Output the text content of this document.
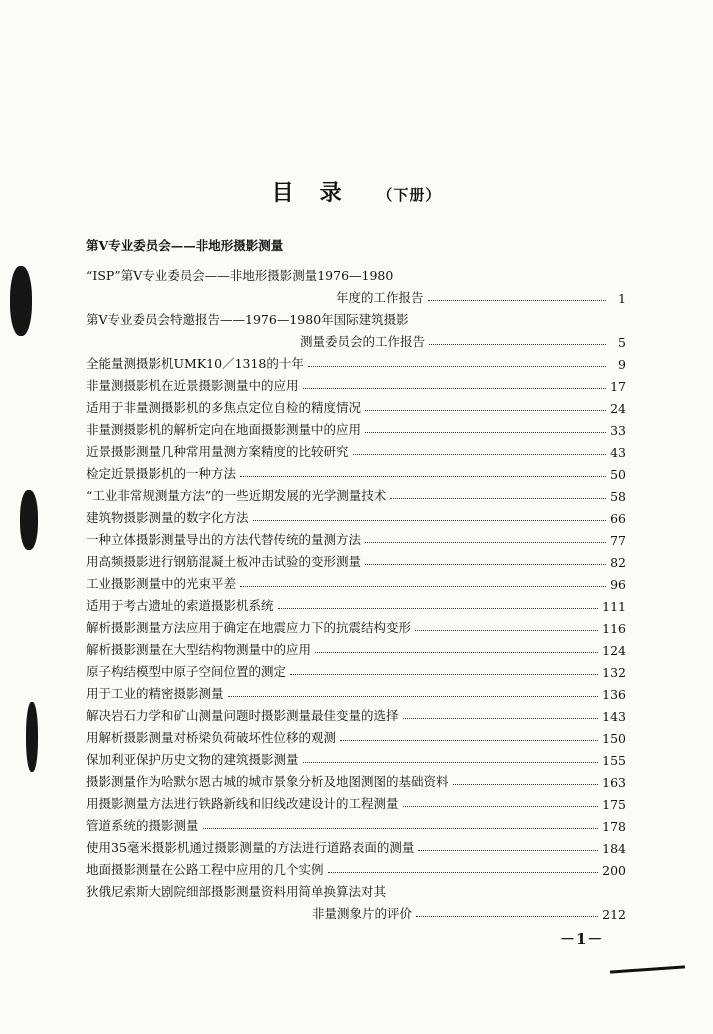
目录 （下册）
第Ⅴ专业委员会——非地形摄影测量
“ISP”第Ⅴ专业委员会——非地形摄影测量1976—1980
年度的工作报告	1
第Ⅴ专业委员会特邀报告——1976—1980年国际建筑摄影
测量委员会的工作报告	5
全能量测摄影机UMK10／1318的十年	9
非量测摄影机在近景摄影测量中的应用	17
适用于非量测摄影机的多焦点定位自检的精度情况	24
非量测摄影机的解析定向在地面摄影测量中的应用	33
近景摄影测量几种常用量测方案精度的比较研究	43
检定近景摄影机的一种方法	50
“工业非常规测量方法”的一些近期发展的光学测量技术	58
建筑物摄影测量的数字化方法	66
一种立体摄影测量导出的方法代替传统的量测方法	77
用高频摄影进行钢筋混凝土板冲击试验的变形测量	82
工业摄影测量中的光束平差	96
适用于考古遗址的索道摄影机系统	111
解析摄影测量方法应用于确定在地震应力下的抗震结构变形	116
解析摄影测量在大型结构物测量中的应用	124
原子构结模型中原子空间位置的测定	132
用于工业的精密摄影测量	136
解决岩石力学和矿山测量问题时摄影测量最佳变量的选择	143
用解析摄影测量对桥梁负荷破坏性位移的观测	150
保加利亚保护历史文物的建筑摄影测量	155
摄影测量作为哈默尔恩古城的城市景象分析及地图测图的基础资料	163
用摄影测量方法进行铁路新线和旧线改建设计的工程测量	175
管道系统的摄影测量	178
使用35毫米摄影机通过摄影测量的方法进行道路表面的测量	184
地面摄影测量在公路工程中应用的几个实例	200
狄俄尼索斯大剧院细部摄影测量资料用简单换算法对其
非量测象片的评价	212
－1－
